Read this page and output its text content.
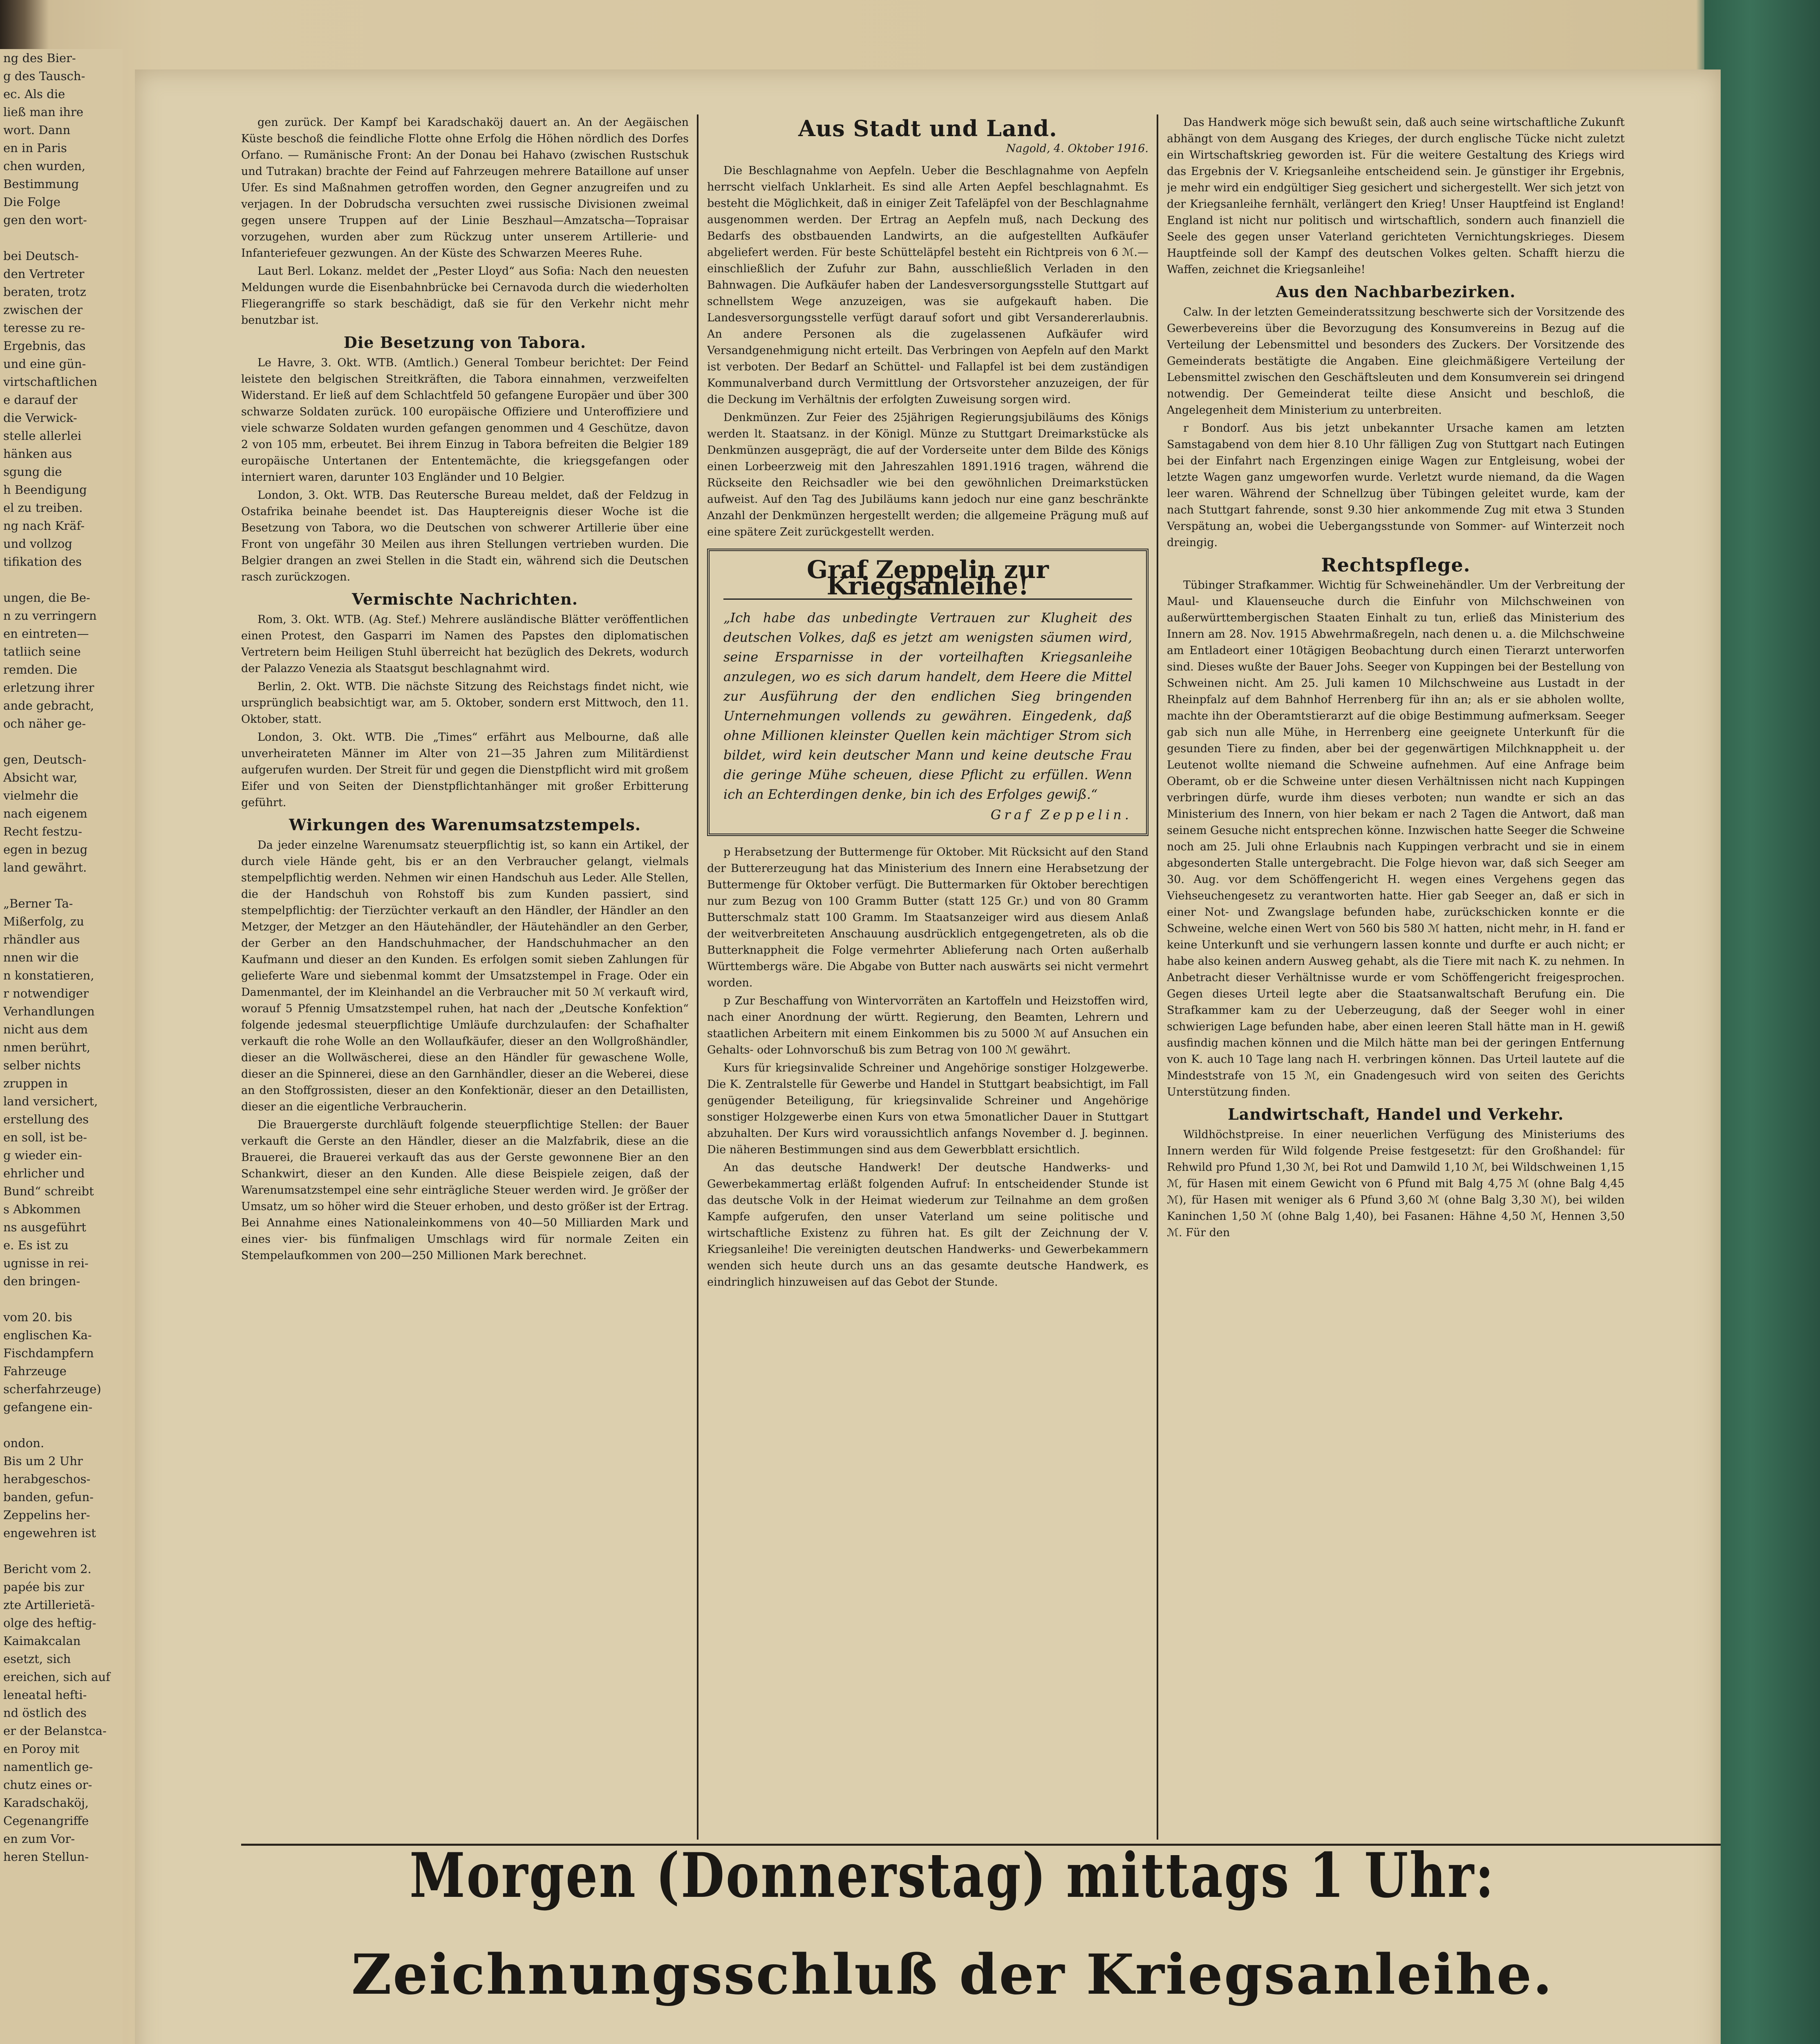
ng des Bier-
g des Tausch-
ec. Als die
ließ man ihre
wort. Dann
en in Paris
chen wurden,
Bestimmung
Die Folge
gen den wort-

bei Deutsch-
den Vertreter
beraten, trotz
zwischen der
teresse zu re-
Ergebnis, das
und eine gün-
virtschaftlichen
e darauf der
die Verwick-
stelle allerlei
hänken aus
sgung die
h Beendigung
el zu treiben.
ng nach Kräf-
und vollzog
tifikation des

ungen, die Be-
n zu verringern
en eintreten—
tatliich seine
remden. Die
erletzung ihrer
ande gebracht,
och näher ge-

gen, Deutsch-
Absicht war,
vielmehr die
nach eigenem
Recht festzu-
egen in bezug
land gewährt.

„Berner Ta-
Mißerfolg, zu
rhändler aus
nnen wir die
n konstatieren,
r notwendiger
Verhandlungen
nicht aus dem
nmen berührt,
selber nichts
zruppen in
land versichert,
erstellung des
en soll, ist be-
g wieder ein-
ehrlicher und
Bund“ schreibt
s Abkommen
ns ausgeführt
e. Es ist zu
ugnisse in rei-
den bringen-

vom 20. bis
englischen Ka-
Fischdampfern
Fahrzeuge
scherfahrzeuge)
gefangene ein-

ondon.
Bis um 2 Uhr
herabgeschos-
banden, gefun-
Zeppelins her-
engewehren ist

Bericht vom 2.
papée bis zur
zte Artillerietä-
olge des heftig-
Kaimakcalan
esetzt, sich
ereichen, sich auf
leneatal hefti-
nd östlich des
er der Belanstca-
en Poroy mit
namentlich ge-
chutz eines or-
Karadschaköj,
Cegenangriffe
en zum Vor-
heren Stellun-

gen zurück. Der Kampf bei Karadschaköj dauert an. An der Aegäischen Küste beschoß die feindliche Flotte ohne Erfolg die Höhen nördlich des Dorfes Orfano. — Rumänische Front: An der Donau bei Hahavo (zwischen Rustschuk und Tutrakan) brachte der Feind auf Fahrzeugen mehrere Bataillone auf unser Ufer. Es sind Maßnahmen getroffen worden, den Gegner anzugreifen und zu verjagen. In der Dobrudscha versuchten zwei russische Divisionen zweimal gegen unsere Truppen auf der Linie Beszhaul—Amzatscha—Topraisar vorzugehen, wurden aber zum Rückzug unter unserem Artillerie- und Infanteriefeuer gezwungen. An der Küste des Schwarzen Meeres Ruhe.

Laut Berl. Lokanz. meldet der „Pester Lloyd“ aus Sofia: Nach den neuesten Meldungen wurde die Eisenbahnbrücke bei Cernavoda durch die wiederholten Fliegerangriffe so stark beschädigt, daß sie für den Verkehr nicht mehr benutzbar ist.

Die Besetzung von Tabora.

Le Havre, 3. Okt. WTB. (Amtlich.) General Tombeur berichtet: Der Feind leistete den belgischen Streitkräften, die Tabora einnahmen, verzweifelten Widerstand. Er ließ auf dem Schlachtfeld 50 gefangene Europäer und über 300 schwarze Soldaten zurück. 100 europäische Offiziere und Unteroffiziere und viele schwarze Soldaten wurden gefangen genommen und 4 Geschütze, davon 2 von 105 mm, erbeutet. Bei ihrem Einzug in Tabora befreiten die Belgier 189 europäische Untertanen der Ententemächte, die kriegsgefangen oder interniert waren, darunter 103 Engländer und 10 Belgier.

London, 3. Okt. WTB. Das Reutersche Bureau meldet, daß der Feldzug in Ostafrika beinahe beendet ist. Das Hauptereignis dieser Woche ist die Besetzung von Tabora, wo die Deutschen von schwerer Artillerie über eine Front von ungefähr 30 Meilen aus ihren Stellungen vertrieben wurden. Die Belgier drangen an zwei Stellen in die Stadt ein, während sich die Deutschen rasch zurückzogen.

Vermischte Nachrichten.

Rom, 3. Okt. WTB. (Ag. Stef.) Mehrere ausländische Blätter veröffentlichen einen Protest, den Gasparri im Namen des Papstes den diplomatischen Vertretern beim Heiligen Stuhl überreicht hat bezüglich des Dekrets, wodurch der Palazzo Venezia als Staatsgut beschlagnahmt wird.

Berlin, 2. Okt. WTB. Die nächste Sitzung des Reichstags findet nicht, wie ursprünglich beabsichtigt war, am 5. Oktober, sondern erst Mittwoch, den 11. Oktober, statt.

London, 3. Okt. WTB. Die „Times“ erfährt aus Melbourne, daß alle unverheirateten Männer im Alter von 21—35 Jahren zum Militärdienst aufgerufen wurden. Der Streit für und gegen die Dienstpflicht wird mit großem Eifer und von Seiten der Dienstpflichtanhänger mit großer Erbitterung geführt.

Wirkungen des Warenumsatzstempels.

Da jeder einzelne Warenumsatz steuerpflichtig ist, so kann ein Artikel, der durch viele Hände geht, bis er an den Verbraucher gelangt, vielmals stempelpflichtig werden. Nehmen wir einen Handschuh aus Leder. Alle Stellen, die der Handschuh von Rohstoff bis zum Kunden passiert, sind stempelpflichtig: der Tierzüchter verkauft an den Händler, der Händler an den Metzger, der Metzger an den Häutehändler, der Häutehändler an den Gerber, der Gerber an den Handschuhmacher, der Handschuhmacher an den Kaufmann und dieser an den Kunden. Es erfolgen somit sieben Zahlungen für gelieferte Ware und siebenmal kommt der Umsatzstempel in Frage. Oder ein Damenmantel, der im Kleinhandel an die Verbraucher mit 50 ℳ verkauft wird, worauf 5 Pfennig Umsatzstempel ruhen, hat nach der „Deutsche Konfektion“ folgende jedesmal steuerpflichtige Umläufe durchzulaufen: der Schafhalter verkauft die rohe Wolle an den Wollaufkäufer, dieser an den Wollgroßhändler, dieser an die Wollwäscherei, diese an den Händler für gewaschene Wolle, dieser an die Spinnerei, diese an den Garnhändler, dieser an die Weberei, diese an den Stoffgrossisten, dieser an den Konfektionär, dieser an den Detaillisten, dieser an die eigentliche Verbraucherin.

Die Brauergerste durchläuft folgende steuerpflichtige Stellen: der Bauer verkauft die Gerste an den Händler, dieser an die Malzfabrik, diese an die Brauerei, die Brauerei verkauft das aus der Gerste gewonnene Bier an den Schankwirt, dieser an den Kunden. Alle diese Beispiele zeigen, daß der Warenumsatzstempel eine sehr einträgliche Steuer werden wird. Je größer der Umsatz, um so höher wird die Steuer erhoben, und desto größer ist der Ertrag. Bei Annahme eines Nationaleinkommens von 40—50 Milliarden Mark und eines vier- bis fünfmaligen Umschlags wird für normale Zeiten ein Stempelaufkommen von 200—250 Millionen Mark berechnet.

Aus Stadt und Land.
Nagold, 4. Oktober 1916.

Die Beschlagnahme von Aepfeln. Ueber die Beschlagnahme von Aepfeln herrscht vielfach Unklarheit. Es sind alle Arten Aepfel beschlagnahmt. Es besteht die Möglichkeit, daß in einiger Zeit Tafeläpfel von der Beschlagnahme ausgenommen werden. Der Ertrag an Aepfeln muß, nach Deckung des Bedarfs des obstbauenden Landwirts, an die aufgestellten Aufkäufer abgeliefert werden. Für beste Schütteläpfel besteht ein Richtpreis von 6 ℳ.— einschließlich der Zufuhr zur Bahn, ausschließlich Verladen in den Bahnwagen. Die Aufkäufer haben der Landesversorgungsstelle Stuttgart auf schnellstem Wege anzuzeigen, was sie aufgekauft haben. Die Landesversorgungsstelle verfügt darauf sofort und gibt Versandererlaubnis. An andere Personen als die zugelassenen Aufkäufer wird Versandgenehmigung nicht erteilt. Das Verbringen von Aepfeln auf den Markt ist verboten. Der Bedarf an Schüttel- und Fallapfel ist bei dem zuständigen Kommunalverband durch Vermittlung der Ortsvorsteher anzuzeigen, der für die Deckung im Verhältnis der erfolgten Zuweisung sorgen wird.

Denkmünzen. Zur Feier des 25jährigen Regierungsjubiläums des Königs werden lt. Staatsanz. in der Königl. Münze zu Stuttgart Dreimarkstücke als Denkmünzen ausgeprägt, die auf der Vorderseite unter dem Bilde des Königs einen Lorbeerzweig mit den Jahreszahlen 1891.1916 tragen, während die Rückseite den Reichsadler wie bei den gewöhnlichen Dreimarkstücken aufweist. Auf den Tag des Jubiläums kann jedoch nur eine ganz beschränkte Anzahl der Denkmünzen hergestellt werden; die allgemeine Prägung muß auf eine spätere Zeit zurückgestellt werden.

Graf Zeppelin zur Kriegsanleihe!
„Ich habe das unbedingte Vertrauen zur Klugheit des deutschen Volkes, daß es jetzt am wenigsten säumen wird, seine Ersparnisse in der vorteilhaften Kriegsanleihe anzulegen, wo es sich darum handelt, dem Heere die Mittel zur Ausführung der den endlichen Sieg bringenden Unternehmungen vollends zu gewähren. Eingedenk, daß ohne Millionen kleinster Quellen kein mächtiger Strom sich bildet, wird kein deutscher Mann und keine deutsche Frau die geringe Mühe scheuen, diese Pflicht zu erfüllen. Wenn ich an Echterdingen denke, bin ich des Erfolges gewiß.“
Graf Zeppelin.

p Herabsetzung der Buttermenge für Oktober. Mit Rücksicht auf den Stand der Buttererzeugung hat das Ministerium des Innern eine Herabsetzung der Buttermenge für Oktober verfügt. Die Buttermarken für Oktober berechtigen nur zum Bezug von 100 Gramm Butter (statt 125 Gr.) und von 80 Gramm Butterschmalz statt 100 Gramm. Im Staatsanzeiger wird aus diesem Anlaß der weitverbreiteten Anschauung ausdrücklich entgegengetreten, als ob die Butterknappheit die Folge vermehrter Ablieferung nach Orten außerhalb Württembergs wäre. Die Abgabe von Butter nach auswärts sei nicht vermehrt worden.

p Zur Beschaffung von Wintervorräten an Kartoffeln und Heizstoffen wird, nach einer Anordnung der württ. Regierung, den Beamten, Lehrern und staatlichen Arbeitern mit einem Einkommen bis zu 5000 ℳ auf Ansuchen ein Gehalts- oder Lohnvorschuß bis zum Betrag von 100 ℳ gewährt.

Kurs für kriegsinvalide Schreiner und Angehörige sonstiger Holzgewerbe. Die K. Zentralstelle für Gewerbe und Handel in Stuttgart beabsichtigt, im Fall genügender Beteiligung, für kriegsinvalide Schreiner und Angehörige sonstiger Holzgewerbe einen Kurs von etwa 5monatlicher Dauer in Stuttgart abzuhalten. Der Kurs wird voraussichtlich anfangs November d. J. beginnen. Die näheren Bestimmungen sind aus dem Gewerbblatt ersichtlich.

An das deutsche Handwerk! Der deutsche Handwerks- und Gewerbekammertag erläßt folgenden Aufruf: In entscheidender Stunde ist das deutsche Volk in der Heimat wiederum zur Teilnahme an dem großen Kampfe aufgerufen, den unser Vaterland um seine politische und wirtschaftliche Existenz zu führen hat. Es gilt der Zeichnung der V. Kriegsanleihe! Die vereinigten deutschen Handwerks- und Gewerbekammern wenden sich heute durch uns an das gesamte deutsche Handwerk, es eindringlich hinzuweisen auf das Gebot der Stunde.

Das Handwerk möge sich bewußt sein, daß auch seine wirtschaftliche Zukunft abhängt von dem Ausgang des Krieges, der durch englische Tücke nicht zuletzt ein Wirtschaftskrieg geworden ist. Für die weitere Gestaltung des Kriegs wird das Ergebnis der V. Kriegsanleihe entscheidend sein. Je günstiger ihr Ergebnis, je mehr wird ein endgültiger Sieg gesichert und sichergestellt. Wer sich jetzt von der Kriegsanleihe fernhält, verlängert den Krieg! Unser Hauptfeind ist England! England ist nicht nur politisch und wirtschaftlich, sondern auch finanziell die Seele des gegen unser Vaterland gerichteten Vernichtungskrieges. Diesem Hauptfeinde soll der Kampf des deutschen Volkes gelten. Schafft hierzu die Waffen, zeichnet die Kriegsanleihe!

Aus den Nachbarbezirken.

Calw. In der letzten Gemeinderatssitzung beschwerte sich der Vorsitzende des Gewerbevereins über die Bevorzugung des Konsumvereins in Bezug auf die Verteilung der Lebensmittel und besonders des Zuckers. Der Vorsitzende des Gemeinderats bestätigte die Angaben. Eine gleichmäßigere Verteilung der Lebensmittel zwischen den Geschäftsleuten und dem Konsumverein sei dringend notwendig. Der Gemeinderat teilte diese Ansicht und beschloß, die Angelegenheit dem Ministerium zu unterbreiten.

r Bondorf. Aus bis jetzt unbekannter Ursache kamen am letzten Samstagabend von dem hier 8.10 Uhr fälligen Zug von Stuttgart nach Eutingen bei der Einfahrt nach Ergenzingen einige Wagen zur Entgleisung, wobei der letzte Wagen ganz umgeworfen wurde. Verletzt wurde niemand, da die Wagen leer waren. Während der Schnellzug über Tübingen geleitet wurde, kam der nach Stuttgart fahrende, sonst 9.30 hier ankommende Zug mit etwa 3 Stunden Verspätung an, wobei die Uebergangsstunde von Sommer- auf Winterzeit noch dreingig.

Rechtspflege.

Tübinger Strafkammer. Wichtig für Schweinehändler. Um der Verbreitung der Maul- und Klauenseuche durch die Einfuhr von Milchschweinen von außerwürttembergischen Staaten Einhalt zu tun, erließ das Ministerium des Innern am 28. Nov. 1915 Abwehrmaßregeln, nach denen u. a. die Milchschweine am Entladeort einer 10tägigen Beobachtung durch einen Tierarzt unterworfen sind. Dieses wußte der Bauer Johs. Seeger von Kuppingen bei der Bestellung von Schweinen nicht. Am 25. Juli kamen 10 Milchschweine aus Lustadt in der Rheinpfalz auf dem Bahnhof Herrenberg für ihn an; als er sie abholen wollte, machte ihn der Oberamtstierarzt auf die obige Bestimmung aufmerksam. Seeger gab sich nun alle Mühe, in Herrenberg eine geeignete Unterkunft für die gesunden Tiere zu finden, aber bei der gegenwärtigen Milchknappheit u. der Leutenot wollte niemand die Schweine aufnehmen. Auf eine Anfrage beim Oberamt, ob er die Schweine unter diesen Verhältnissen nicht nach Kuppingen verbringen dürfe, wurde ihm dieses verboten; nun wandte er sich an das Ministerium des Innern, von hier bekam er nach 2 Tagen die Antwort, daß man seinem Gesuche nicht entsprechen könne. Inzwischen hatte Seeger die Schweine noch am 25. Juli ohne Erlaubnis nach Kuppingen verbracht und sie in einem abgesonderten Stalle untergebracht. Die Folge hievon war, daß sich Seeger am 30. Aug. vor dem Schöffengericht H. wegen eines Vergehens gegen das Viehseuchengesetz zu verantworten hatte. Hier gab Seeger an, daß er sich in einer Not- und Zwangslage befunden habe, zurückschicken konnte er die Schweine, welche einen Wert von 560 bis 580 ℳ hatten, nicht mehr, in H. fand er keine Unterkunft und sie verhungern lassen konnte und durfte er auch nicht; er habe also keinen andern Ausweg gehabt, als die Tiere mit nach K. zu nehmen. In Anbetracht dieser Verhältnisse wurde er vom Schöffengericht freigesprochen. Gegen dieses Urteil legte aber die Staatsanwaltschaft Berufung ein. Die Strafkammer kam zu der Ueberzeugung, daß der Seeger wohl in einer schwierigen Lage befunden habe, aber einen leeren Stall hätte man in H. gewiß ausfindig machen können und die Milch hätte man bei der geringen Entfernung von K. auch 10 Tage lang nach H. verbringen können. Das Urteil lautete auf die Mindeststrafe von 15 ℳ, ein Gnadengesuch wird von seiten des Gerichts Unterstützung finden.

Landwirtschaft, Handel und Verkehr.

Wildhöchstpreise. In einer neuerlichen Verfügung des Ministeriums des Innern werden für Wild folgende Preise festgesetzt: für den Großhandel: für Rehwild pro Pfund 1,30 ℳ, bei Rot und Damwild 1,10 ℳ, bei Wildschweinen 1,15 ℳ, für Hasen mit einem Gewicht von 6 Pfund mit Balg 4,75 ℳ (ohne Balg 4,45 ℳ), für Hasen mit weniger als 6 Pfund 3,60 ℳ (ohne Balg 3,30 ℳ), bei wilden Kaninchen 1,50 ℳ (ohne Balg 1,40), bei Fasanen: Hähne 4,50 ℳ, Hennen 3,50 ℳ. Für den

Morgen (Donnerstag) mittags 1 Uhr:
Zeichnungsschluß der Kriegsanleihe.
